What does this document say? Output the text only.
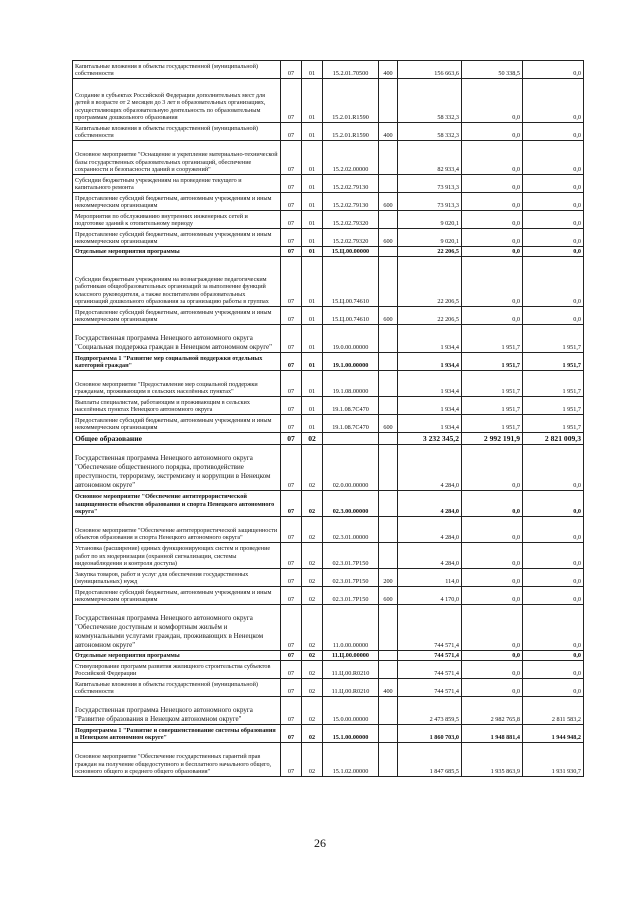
Капитальные вложения в объекты государственной (муниципальной) собственности	07	01	15.2.01.70500	400	156 663,6	50 338,5	0,0
Создание в субъектах Российской Федерации дополнительных мест для детей в возрасте от 2 месяцев до 3 лет в образовательных организациях, осуществляющих образовательную деятельность по образовательным программам дошкольного образования	07	01	15.2.01.R1590		58 332,3	0,0	0,0
Капитальные вложения в объекты государственной (муниципальной) собственности	07	01	15.2.01.R1590	400	58 332,3	0,0	0,0
Основное мероприятие "Оснащение и укрепление материально-технической базы государственных образовательных организаций, обеспечение сохранности и безопасности зданий и сооружений"	07	01	15.2.02.00000		82 933,4	0,0	0,0
Субсидии бюджетным учреждениям на проведение текущего и капитального ремонта	07	01	15.2.02.79130		73 913,3	0,0	0,0
Предоставление субсидий бюджетным, автономным учреждениям и иным некоммерческим организациям	07	01	15.2.02.79130	600	73 913,3	0,0	0,0
Мероприятия по обслуживанию внутренних инженерных сетей и подготовке зданий к отопительному периоду	07	01	15.2.02.79320		9 020,1	0,0	0,0
Предоставление субсидий бюджетным, автономным учреждениям и иным некоммерческим организациям	07	01	15.2.02.79320	600	9 020,1	0,0	0,0
Отдельные мероприятия программы	07	01	15.Ц.00.00000		22 206,5	0,0	0,0
Субсидии бюджетным учреждениям на вознаграждение педагогическим работникам общеобразовательных организаций за выполнение функций классного руководителя, а также воспитателям образовательных организаций дошкольного образования за организацию работы в группах	07	01	15.Ц.00.74610		22 206,5	0,0	0,0
Предоставление субсидий бюджетным, автономным учреждениям и иным некоммерческим организациям	07	01	15.Ц.00.74610	600	22 206,5	0,0	0,0
Государственная программа Ненецкого автономного округа "Социальная поддержка граждан в Ненецком автономном округе"	07	01	19.0.00.00000		1 934,4	1 951,7	1 951,7
Подпрограмма 1 "Развитие мер социальной поддержки отдельных категорий граждан"	07	01	19.1.00.00000		1 934,4	1 951,7	1 951,7
Основное мероприятие "Предоставление мер социальной поддержки гражданам, проживающим в сельских населённых пунктах"	07	01	19.1.08.00000		1 934,4	1 951,7	1 951,7
Выплаты специалистам, работающим и проживающим в сельских населённых пунктах Ненецкого автономного округа	07	01	19.1.08.7С470		1 934,4	1 951,7	1 951,7
Предоставление субсидий бюджетным, автономным учреждениям и иным некоммерческим организациям	07	01	19.1.08.7С470	600	1 934,4	1 951,7	1 951,7
Общее образование	07	02			3 232 345,2	2 992 191,9	2 821 009,3
Государственная программа Ненецкого автономного округа "Обеспечение общественного порядка, противодействие преступности, терроризму, экстремизму и коррупции в Ненецком автономном округе"	07	02	02.0.00.00000		4 284,0	0,0	0,0
Основное мероприятие "Обеспечение антитеррористической защищенности объектов образования и спорта Ненецкого автономного округа"	07	02	02.3.00.00000		4 284,0	0,0	0,0
Основное мероприятие "Обеспечение антитеррористической защищенности объектов образования и спорта Ненецкого автономного округа"	07	02	02.3.01.00000		4 284,0	0,0	0,0
Установка (расширение) единых функционирующих систем и проведение работ по их модернизации (охранной сигнализации, системы видеонаблюдения и контроля доступа)	07	02	02.3.01.7Р150		4 284,0	0,0	0,0
Закупка товаров, работ и услуг для обеспечения государственных (муниципальных) нужд	07	02	02.3.01.7Р150	200	114,0	0,0	0,0
Предоставление субсидий бюджетным, автономным учреждениям и иным некоммерческим организациям	07	02	02.3.01.7Р150	600	4 170,0	0,0	0,0
Государственная программа Ненецкого автономного округа "Обеспечение доступным и комфортным жильём и коммунальными услугами граждан, проживающих в Ненецком автономном округе"	07	02	11.0.00.00000		744 571,4	0,0	0,0
Отдельные мероприятия программы	07	02	11.Ц.00.00000		744 571,4	0,0	0,0
Стимулирование программ развития жилищного строительства субъектов Российской Федерации	07	02	11.Ц.00.R0210		744 571,4	0,0	0,0
Капитальные вложения в объекты государственной (муниципальной) собственности	07	02	11.Ц.00.R0210	400	744 571,4	0,0	0,0
Государственная программа Ненецкого автономного округа "Развитие образования в Ненецком автономном округе"	07	02	15.0.00.00000		2 473 859,5	2 982 765,8	2 811 583,2
Подпрограмма 1 "Развитие и совершенствование системы образования в Ненецком автономном округе"	07	02	15.1.00.00000		1 860 703,0	1 948 881,4	1 944 948,2
Основное мероприятие "Обеспечение государственных гарантий прав граждан на получение общедоступного и бесплатного начального общего, основного общего и среднего общего образования"	07	02	15.1.02.00000		1 847 685,5	1 935 863,9	1 931 930,7
26
